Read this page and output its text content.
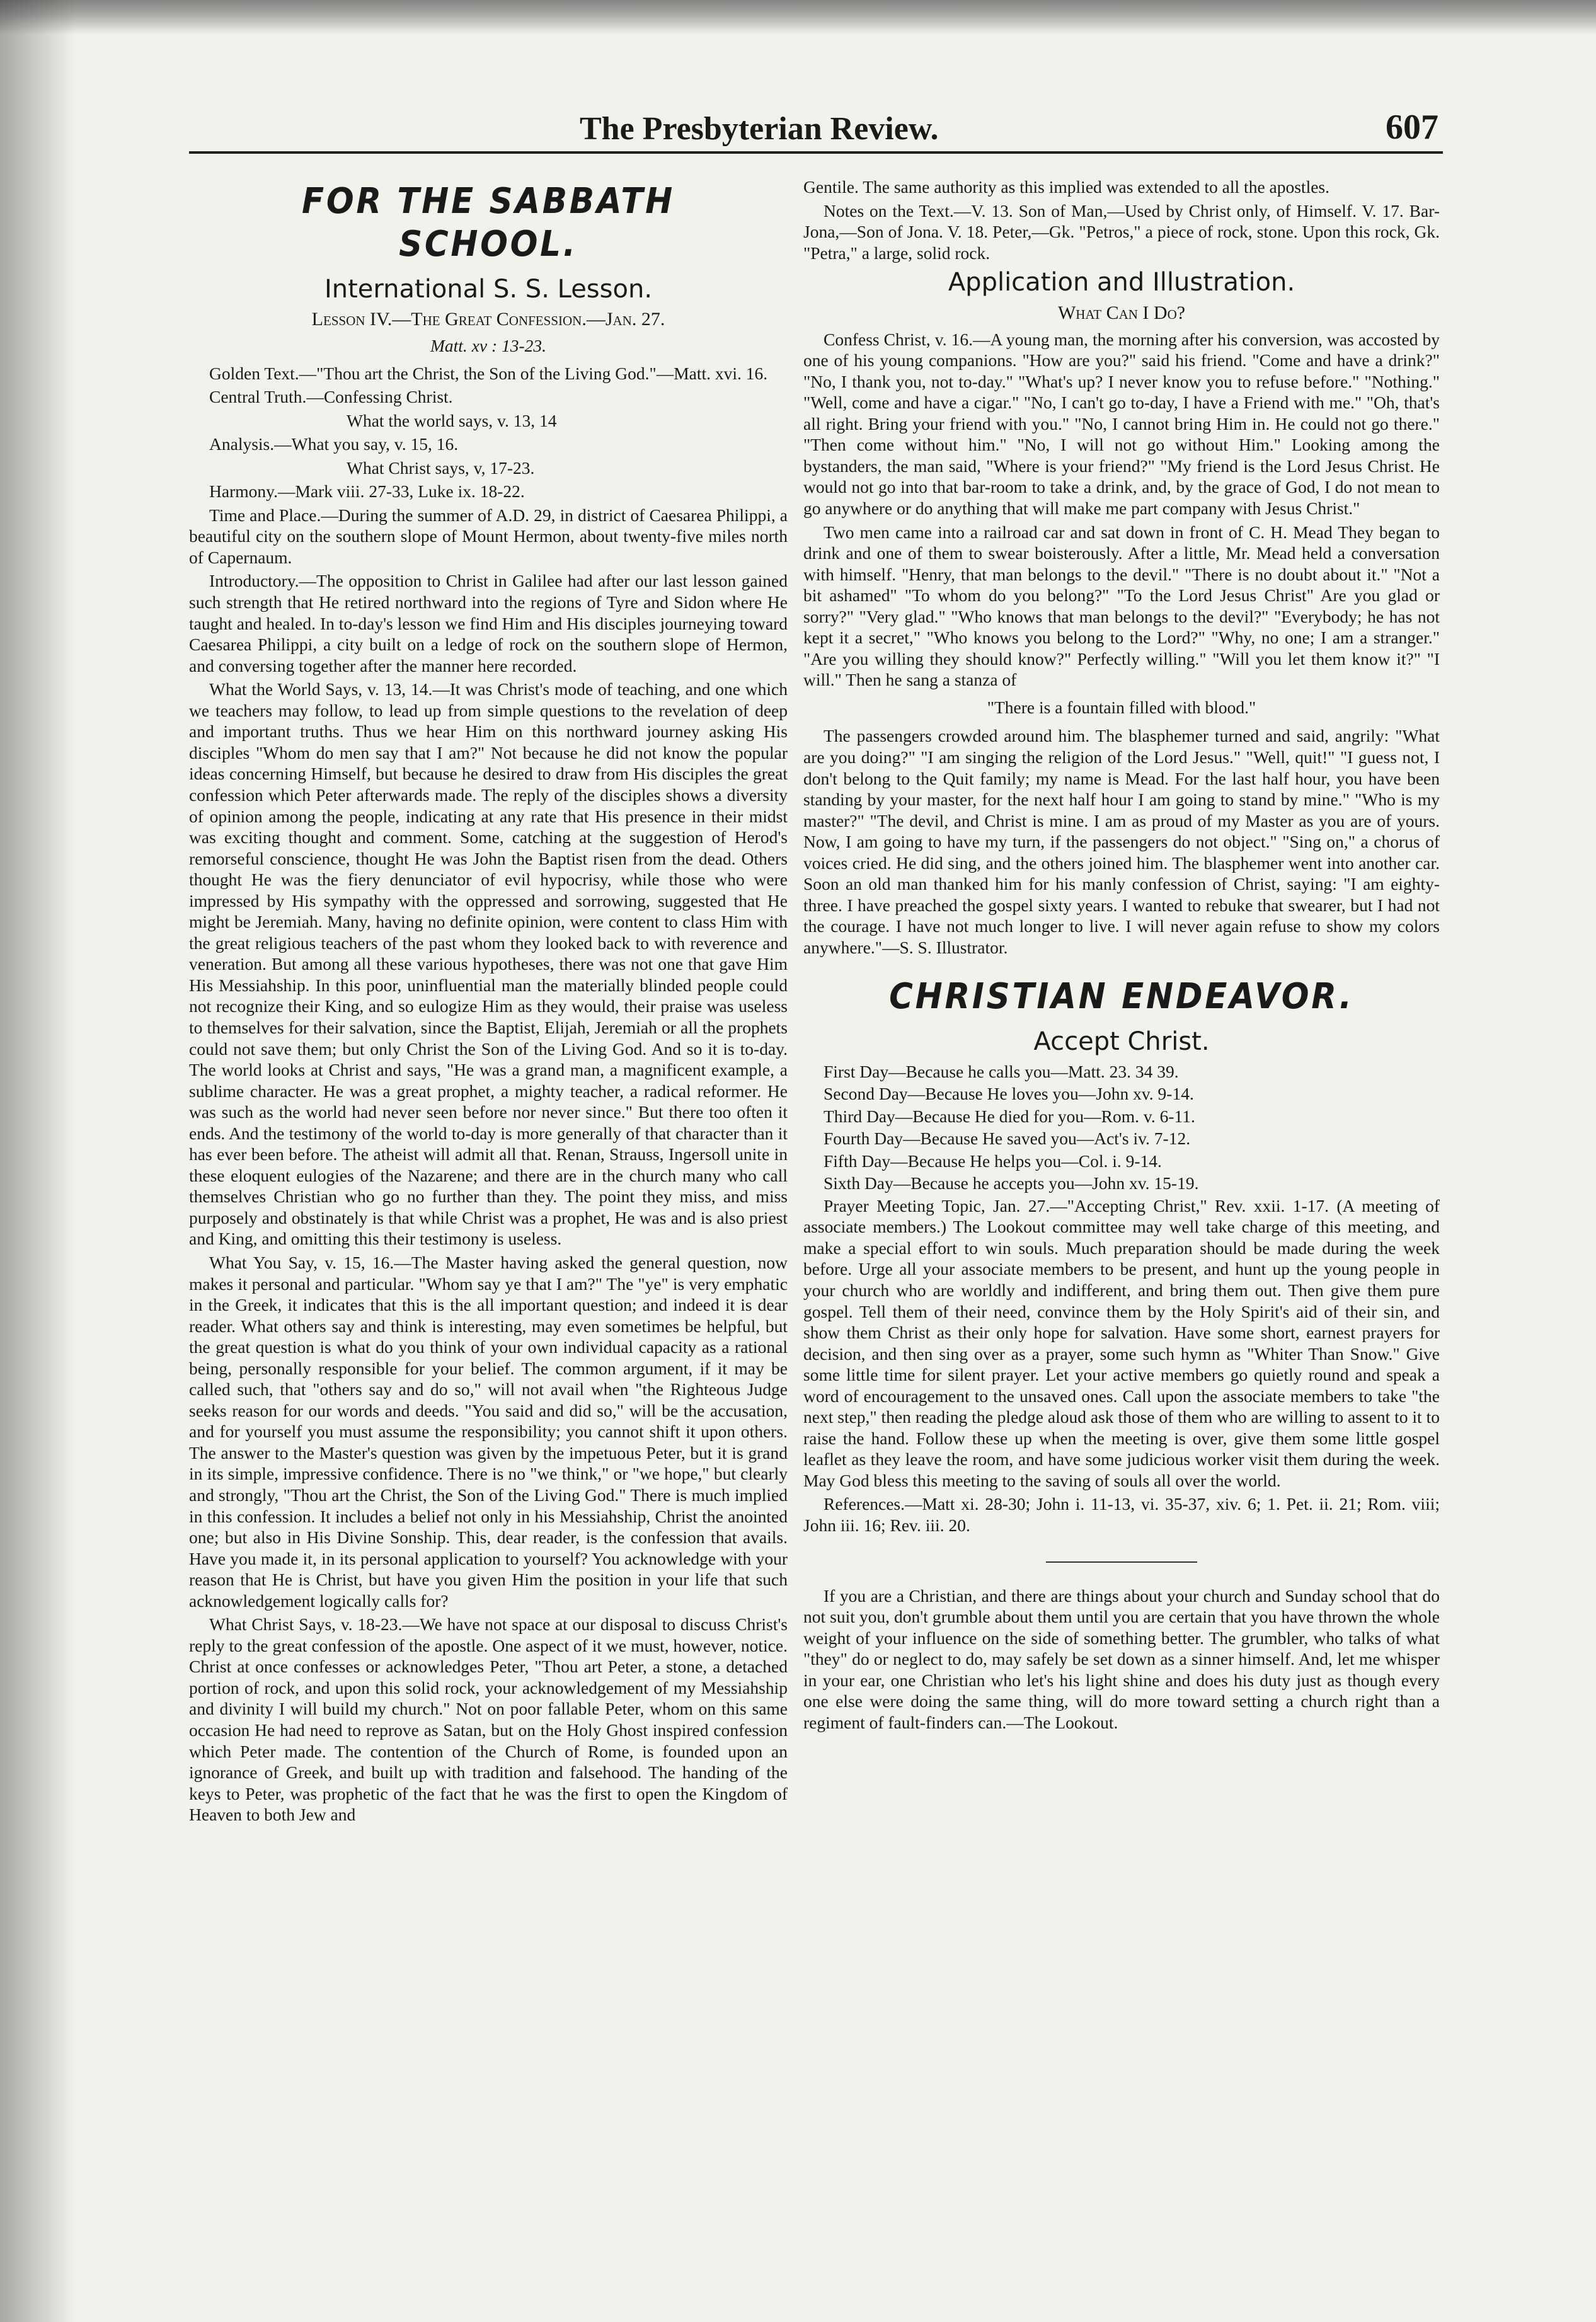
The Presbyterian Review.	607
FOR THE SABBATH SCHOOL.
International S. S. Lesson.
Lesson IV.—The Great Confession.—Jan. 27.
Matt. xv : 13-23.

Golden Text.—"Thou art the Christ, the Son of the Living God."—Matt. xvi. 16.

Central Truth.—Confessing Christ.

What the world says, v. 13, 14

Analysis.—What you say, v. 15, 16.

What Christ says, v, 17-23.

Harmony.—Mark viii. 27-33, Luke ix. 18-22.

Time and Place.—During the summer of A.D. 29, in district of Caesarea Philippi, a beautiful city on the southern slope of Mount Hermon, about twenty-five miles north of Capernaum.

Introductory.—The opposition to Christ in Galilee had after our last lesson gained such strength that He retired northward into the regions of Tyre and Sidon where He taught and healed. In to-day's lesson we find Him and His disciples journeying toward Caesarea Philippi, a city built on a ledge of rock on the southern slope of Hermon, and conversing together after the manner here recorded.

What the World Says, v. 13, 14.—It was Christ's mode of teaching, and one which we teachers may follow, to lead up from simple questions to the revelation of deep and important truths. Thus we hear Him on this northward journey asking His disciples "Whom do men say that I am?" Not because he did not know the popular ideas concerning Himself, but because he desired to draw from His disciples the great confession which Peter afterwards made. The reply of the disciples shows a diversity of opinion among the people, indicating at any rate that His presence in their midst was exciting thought and comment. Some, catching at the suggestion of Herod's remorseful conscience, thought He was John the Baptist risen from the dead. Others thought He was the fiery denunciator of evil hypocrisy, while those who were impressed by His sympathy with the oppressed and sorrowing, suggested that He might be Jeremiah. Many, having no definite opinion, were content to class Him with the great religious teachers of the past whom they looked back to with reverence and veneration. But among all these various hypotheses, there was not one that gave Him His Messiahship. In this poor, uninfluential man the materially blinded people could not recognize their King, and so eulogize Him as they would, their praise was useless to themselves for their salvation, since the Baptist, Elijah, Jeremiah or all the prophets could not save them; but only Christ the Son of the Living God. And so it is to-day. The world looks at Christ and says, "He was a grand man, a magnificent example, a sublime character. He was a great prophet, a mighty teacher, a radical reformer. He was such as the world had never seen before nor never since." But there too often it ends. And the testimony of the world to-day is more generally of that character than it has ever been before. The atheist will admit all that. Renan, Strauss, Ingersoll unite in these eloquent eulogies of the Nazarene; and there are in the church many who call themselves Christian who go no further than they. The point they miss, and miss purposely and obstinately is that while Christ was a prophet, He was and is also priest and King, and omitting this their testimony is useless.

What You Say, v. 15, 16.—The Master having asked the general question, now makes it personal and particular. "Whom say ye that I am?" The "ye" is very emphatic in the Greek, it indicates that this is the all important question; and indeed it is dear reader. What others say and think is interesting, may even sometimes be helpful, but the great question is what do you think of your own individual capacity as a rational being, personally responsible for your belief. The common argument, if it may be called such, that "others say and do so," will not avail when "the Righteous Judge seeks reason for our words and deeds. "You said and did so," will be the accusation, and for yourself you must assume the responsibility; you cannot shift it upon others. The answer to the Master's question was given by the impetuous Peter, but it is grand in its simple, impressive confidence. There is no "we think," or "we hope," but clearly and strongly, "Thou art the Christ, the Son of the Living God." There is much implied in this confession. It includes a belief not only in his Messiahship, Christ the anointed one; but also in His Divine Sonship. This, dear reader, is the confession that avails. Have you made it, in its personal application to yourself? You acknowledge with your reason that He is Christ, but have you given Him the position in your life that such acknowledgement logically calls for?

What Christ Says, v. 18-23.—We have not space at our disposal to discuss Christ's reply to the great confession of the apostle. One aspect of it we must, however, notice. Christ at once confesses or acknowledges Peter, "Thou art Peter, a stone, a detached portion of rock, and upon this solid rock, your acknowledgement of my Messiahship and divinity I will build my church." Not on poor fallable Peter, whom on this same occasion He had need to reprove as Satan, but on the Holy Ghost inspired confession which Peter made. The contention of the Church of Rome, is founded upon an ignorance of Greek, and built up with tradition and falsehood. The handing of the keys to Peter, was prophetic of the fact that he was the first to open the Kingdom of Heaven to both Jew and

Gentile. The same authority as this implied was extended to all the apostles.

Notes on the Text.—V. 13. Son of Man,—Used by Christ only, of Himself. V. 17. Bar-Jona,—Son of Jona. V. 18. Peter,—Gk. "Petros," a piece of rock, stone. Upon this rock, Gk. "Petra," a large, solid rock.

Application and Illustration.
What Can I Do?

Confess Christ, v. 16.—A young man, the morning after his conversion, was accosted by one of his young companions. "How are you?" said his friend. "Come and have a drink?" "No, I thank you, not to-day." "What's up? I never know you to refuse before." "Nothing." "Well, come and have a cigar." "No, I can't go to-day, I have a Friend with me." "Oh, that's all right. Bring your friend with you." "No, I cannot bring Him in. He could not go there." "Then come without him." "No, I will not go without Him." Looking among the bystanders, the man said, "Where is your friend?" "My friend is the Lord Jesus Christ. He would not go into that bar-room to take a drink, and, by the grace of God, I do not mean to go anywhere or do anything that will make me part company with Jesus Christ."

Two men came into a railroad car and sat down in front of C. H. Mead They began to drink and one of them to swear boisterously. After a little, Mr. Mead held a conversation with himself. "Henry, that man belongs to the devil." "There is no doubt about it." "Not a bit ashamed" "To whom do you belong?" "To the Lord Jesus Christ" Are you glad or sorry?" "Very glad." "Who knows that man belongs to the devil?" "Everybody; he has not kept it a secret," "Who knows you belong to the Lord?" "Why, no one; I am a stranger." "Are you willing they should know?" Perfectly willing." "Will you let them know it?" "I will." Then he sang a stanza of

"There is a fountain filled with blood."

The passengers crowded around him. The blasphemer turned and said, angrily: "What are you doing?" "I am singing the religion of the Lord Jesus." "Well, quit!" "I guess not, I don't belong to the Quit family; my name is Mead. For the last half hour, you have been standing by your master, for the next half hour I am going to stand by mine." "Who is my master?" "The devil, and Christ is mine. I am as proud of my Master as you are of yours. Now, I am going to have my turn, if the passengers do not object." "Sing on," a chorus of voices cried. He did sing, and the others joined him. The blasphemer went into another car. Soon an old man thanked him for his manly confession of Christ, saying: "I am eighty-three. I have preached the gospel sixty years. I wanted to rebuke that swearer, but I had not the courage. I have not much longer to live. I will never again refuse to show my colors anywhere."—S. S. Illustrator.

CHRISTIAN ENDEAVOR.
Accept Christ.
First Day—Because he calls you—Matt. 23. 34 39.
Second Day—Because He loves you—John xv. 9-14.
Third Day—Because He died for you—Rom. v. 6-11.
Fourth Day—Because He saved you—Act's iv. 7-12.
Fifth Day—Because He helps you—Col. i. 9-14.
Sixth Day—Because he accepts you—John xv. 15-19.

Prayer Meeting Topic, Jan. 27.—"Accepting Christ," Rev. xxii. 1-17. (A meeting of associate members.) The Lookout committee may well take charge of this meeting, and make a special effort to win souls. Much preparation should be made during the week before. Urge all your associate members to be present, and hunt up the young people in your church who are worldly and indifferent, and bring them out. Then give them pure gospel. Tell them of their need, convince them by the Holy Spirit's aid of their sin, and show them Christ as their only hope for salvation. Have some short, earnest prayers for decision, and then sing over as a prayer, some such hymn as "Whiter Than Snow." Give some little time for silent prayer. Let your active members go quietly round and speak a word of encouragement to the unsaved ones. Call upon the associate members to take "the next step," then reading the pledge aloud ask those of them who are willing to assent to it to raise the hand. Follow these up when the meeting is over, give them some little gospel leaflet as they leave the room, and have some judicious worker visit them during the week. May God bless this meeting to the saving of souls all over the world.

References.—Matt xi. 28-30; John i. 11-13, vi. 35-37, xiv. 6; 1. Pet. ii. 21; Rom. viii; John iii. 16; Rev. iii. 20.

If you are a Christian, and there are things about your church and Sunday school that do not suit you, don't grumble about them until you are certain that you have thrown the whole weight of your influence on the side of something better. The grumbler, who talks of what "they" do or neglect to do, may safely be set down as a sinner himself. And, let me whisper in your ear, one Christian who let's his light shine and does his duty just as though every one else were doing the same thing, will do more toward setting a church right than a regiment of fault-finders can.—The Lookout.
